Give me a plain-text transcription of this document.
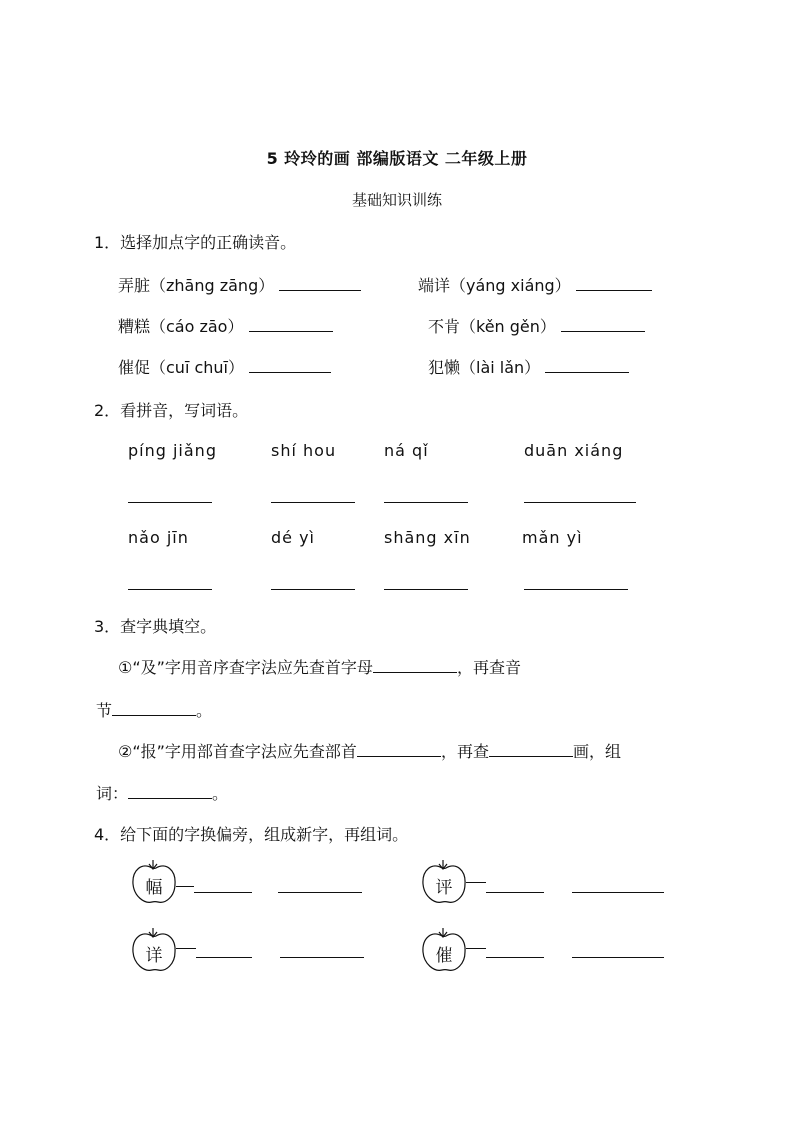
5 玲玲的画 部编版语文 二年级上册
基础知识训练
1．选择加点字的正确读音。
弄脏（zhāng zāng）	端详（yáng xiáng）
糟糕（cáo zāo）	不肯（kěn gěn）
催促（cuī chuī）	犯懒（lài lǎn）
2．看拼音，写词语。
píng jiǎng	shí hou	ná qǐ	duān xiáng
nǎo jīn	dé yì	shāng xīn	mǎn yì
3．查字典填空。
①“及”字用音序查字法应先查首字母	，再查音
节	。
②“报”字用部首查字法应先查部首	，再查	画，组
词：	。
4．给下面的字换偏旁，组成新字，再组词。
幅	评
详	催
